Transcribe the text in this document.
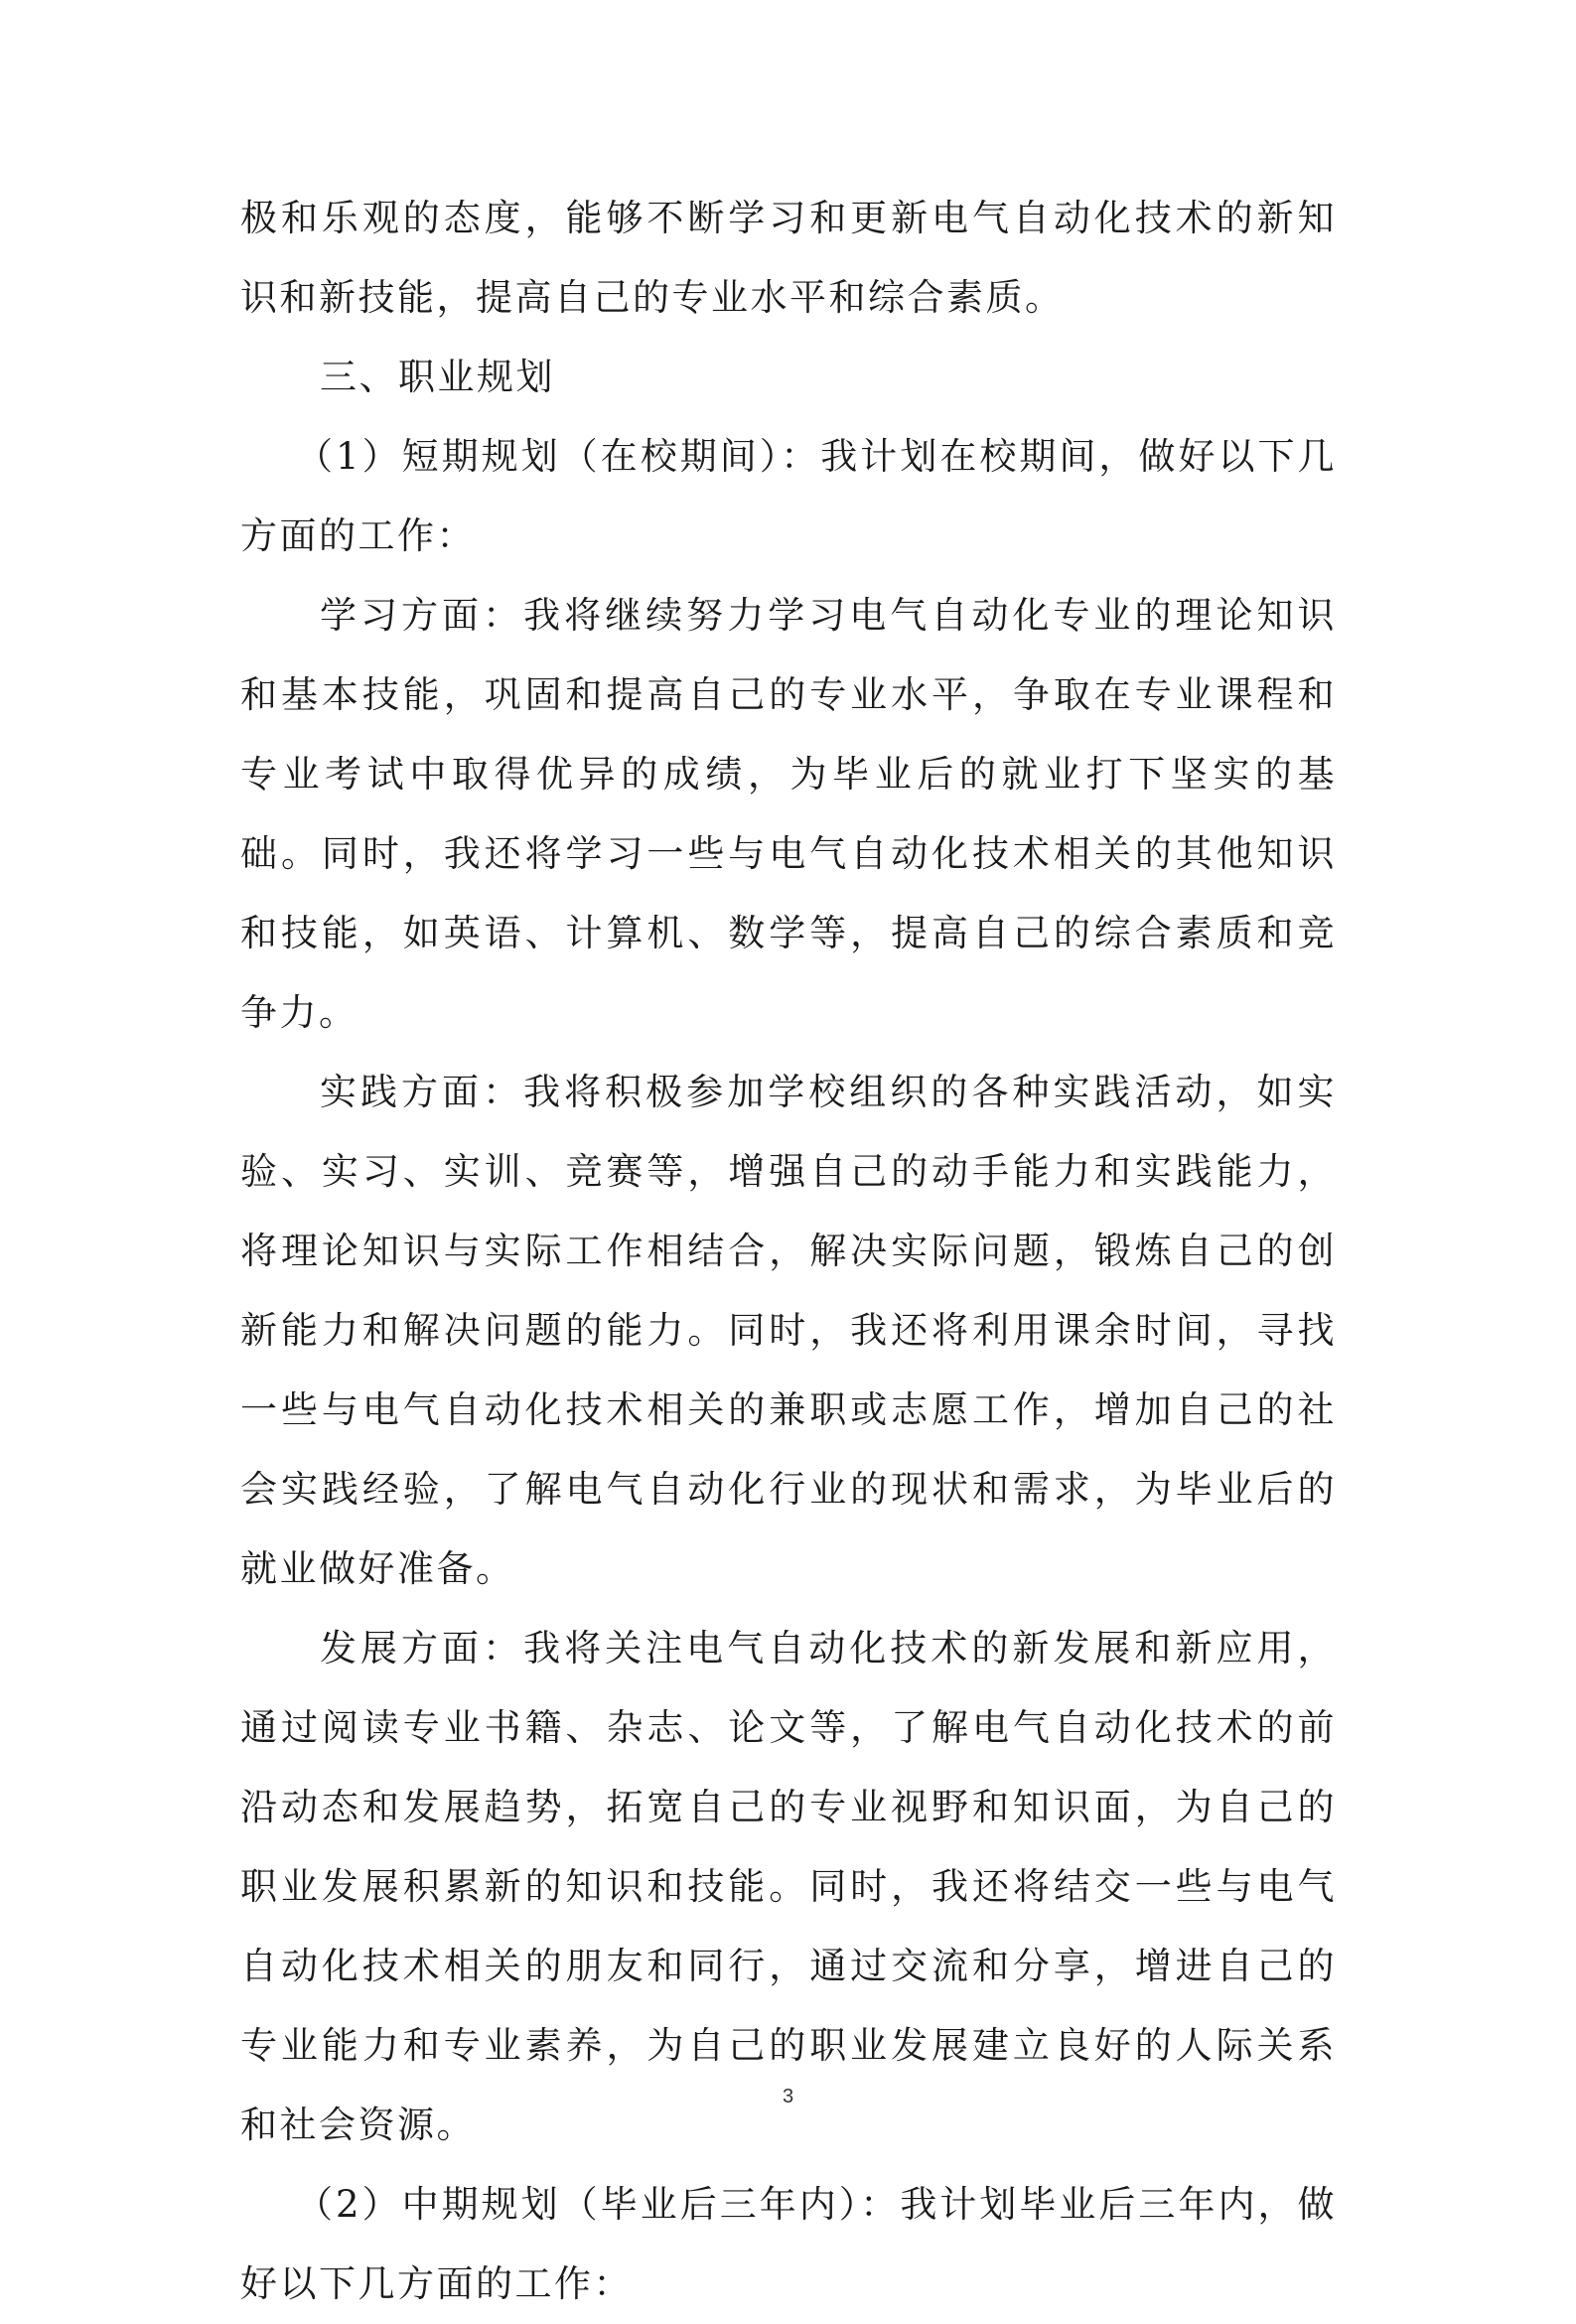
极和乐观的态度，能够不断学习和更新电气自动化技术的新知识和新技能，提高自己的专业水平和综合素质。

三、职业规划

（1）短期规划（在校期间）：我计划在校期间，做好以下几方面的工作：

学习方面：我将继续努力学习电气自动化专业的理论知识和基本技能，巩固和提高自己的专业水平，争取在专业课程和专业考试中取得优异的成绩，为毕业后的就业打下坚实的基础。同时，我还将学习一些与电气自动化技术相关的其他知识和技能，如英语、计算机、数学等，提高自己的综合素质和竞争力。

实践方面：我将积极参加学校组织的各种实践活动，如实验、实习、实训、竞赛等，增强自己的动手能力和实践能力，将理论知识与实际工作相结合，解决实际问题，锻炼自己的创新能力和解决问题的能力。同时，我还将利用课余时间，寻找一些与电气自动化技术相关的兼职或志愿工作，增加自己的社会实践经验，了解电气自动化行业的现状和需求，为毕业后的就业做好准备。

发展方面：我将关注电气自动化技术的新发展和新应用，通过阅读专业书籍、杂志、论文等，了解电气自动化技术的前沿动态和发展趋势，拓宽自己的专业视野和知识面，为自己的职业发展积累新的知识和技能。同时，我还将结交一些与电气自动化技术相关的朋友和同行，通过交流和分享，增进自己的专业能力和专业素养，为自己的职业发展建立良好的人际关系和社会资源。

（2）中期规划（毕业后三年内）：我计划毕业后三年内，做好以下几方面的工作：

3
